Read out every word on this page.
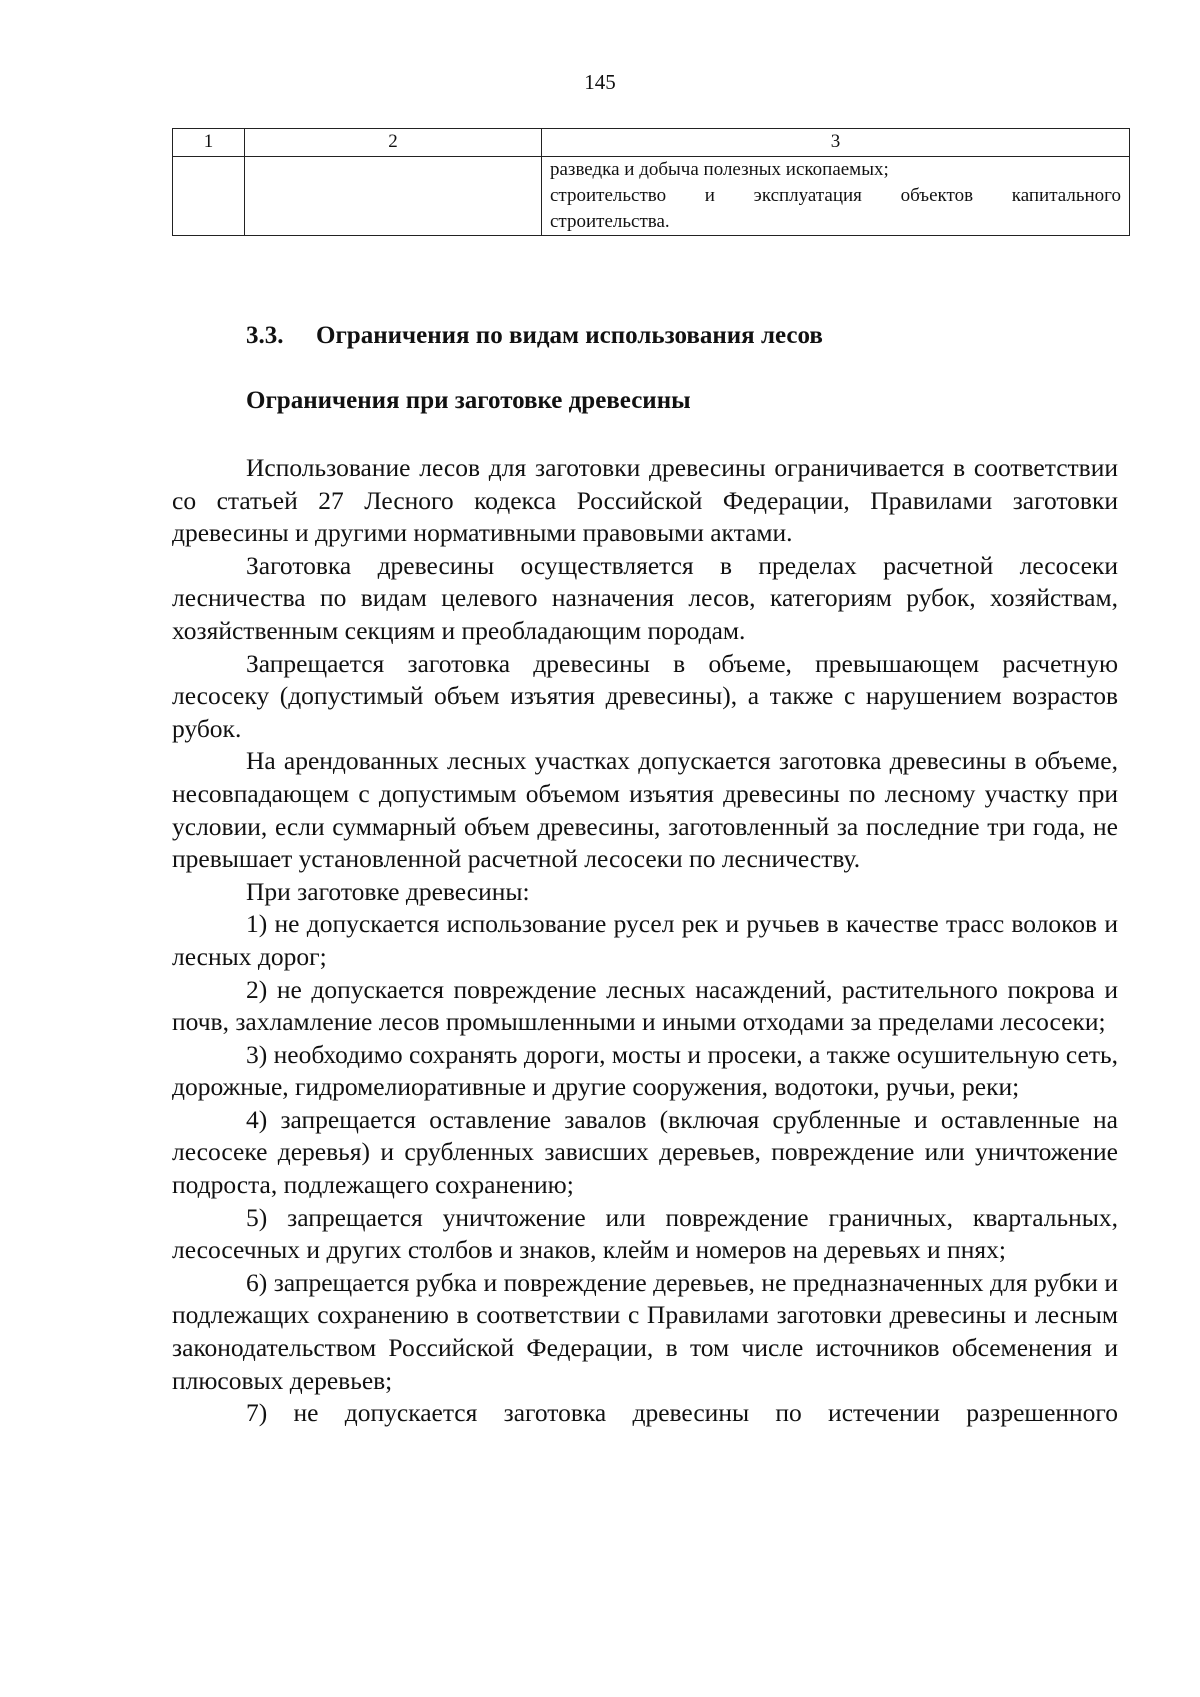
145
1	2	3

		разведка и добыча полезных ископаемых;
строительство и эксплуатация объектов капитального
строительства.
3.3. Ограничения по видам использования лесов
Ограничения при заготовке древесины

Использование лесов для заготовки древесины ограничивается в соответствии со статьей 27 Лесного кодекса Российской Федерации, Правилами заготовки древесины и другими нормативными правовыми актами.

Заготовка древесины осуществляется в пределах расчетной лесосеки лесничества по видам целевого назначения лесов, категориям рубок, хозяйствам, хозяйственным секциям и преобладающим породам.

Запрещается заготовка древесины в объеме, превышающем расчетную лесосеку (допустимый объем изъятия древесины), а также с нарушением возрастов рубок.

На арендованных лесных участках допускается заготовка древесины в объеме, несовпадающем с допустимым объемом изъятия древесины по лесному участку при условии, если суммарный объем древесины, заготовленный за последние три года, не превышает установленной расчетной лесосеки по лесничеству.

При заготовке древесины:

1) не допускается использование русел рек и ручьев в качестве трасс волоков и лесных дорог;

2) не допускается повреждение лесных насаждений, растительного покрова и почв, захламление лесов промышленными и иными отходами за пределами лесосеки;

3) необходимо сохранять дороги, мосты и просеки, а также осушительную сеть, дорожные, гидромелиоративные и другие сооружения, водотоки, ручьи, реки;

4) запрещается оставление завалов (включая срубленные и оставленные на лесосеке деревья) и срубленных зависших деревьев, повреждение или уничтожение подроста, подлежащего сохранению;

5) запрещается уничтожение или повреждение граничных, квартальных, лесосечных и других столбов и знаков, клейм и номеров на деревьях и пнях;

6) запрещается рубка и повреждение деревьев, не предназначенных для рубки и подлежащих сохранению в соответствии с Правилами заготовки древесины и лесным законодательством Российской Федерации, в том числе источников обсеменения и плюсовых деревьев;

7) не допускается заготовка древесины по истечении разрешенного
